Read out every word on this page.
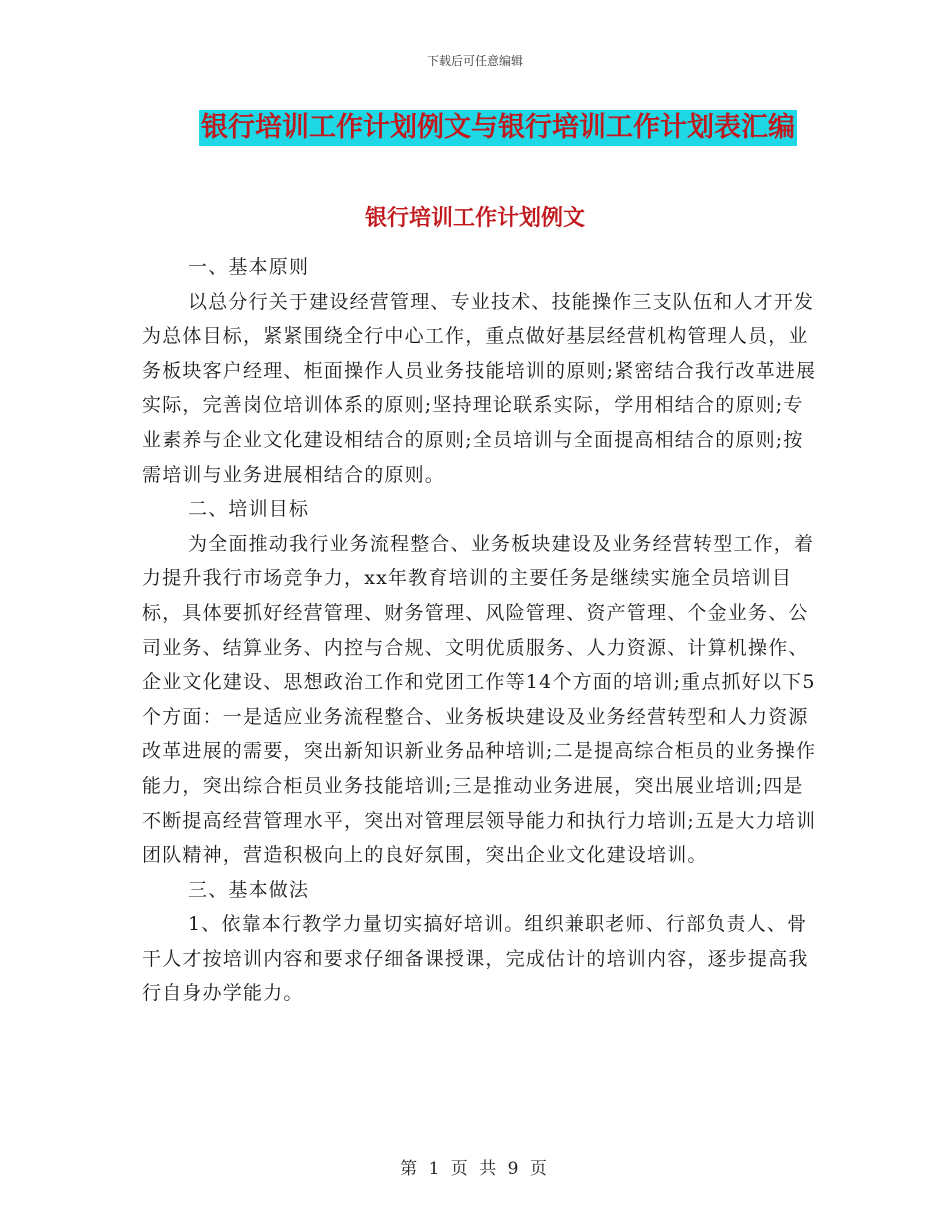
下载后可任意编辑
银行培训工作计划例文与银行培训工作计划表汇编
银行培训工作计划例文

一、基本原则

以总分行关于建设经营管理、专业技术、技能操作三支队伍和人才开发为总体目标，紧紧围绕全行中心工作，重点做好基层经营机构管理人员，业务板块客户经理、柜面操作人员业务技能培训的原则;紧密结合我行改革进展实际，完善岗位培训体系的原则;坚持理论联系实际，学用相结合的原则;专业素养与企业文化建设相结合的原则;全员培训与全面提高相结合的原则;按需培训与业务进展相结合的原则。

二、培训目标

为全面推动我行业务流程整合、业务板块建设及业务经营转型工作，着力提升我行市场竞争力，xx年教育培训的主要任务是继续实施全员培训目标，具体要抓好经营管理、财务管理、风险管理、资产管理、个金业务、公司业务、结算业务、内控与合规、文明优质服务、人力资源、计算机操作、企业文化建设、思想政治工作和党团工作等14个方面的培训;重点抓好以下5个方面：一是适应业务流程整合、业务板块建设及业务经营转型和人力资源改革进展的需要，突出新知识新业务品种培训;二是提高综合柜员的业务操作能力，突出综合柜员业务技能培训;三是推动业务进展，突出展业培训;四是不断提高经营管理水平，突出对管理层领导能力和执行力培训;五是大力培训团队精神，营造积极向上的良好氛围，突出企业文化建设培训。

三、基本做法

1、依靠本行教学力量切实搞好培训。组织兼职老师、行部负责人、骨干人才按培训内容和要求仔细备课授课，完成估计的培训内容，逐步提高我行自身办学能力。

第 1 页 共 9 页
